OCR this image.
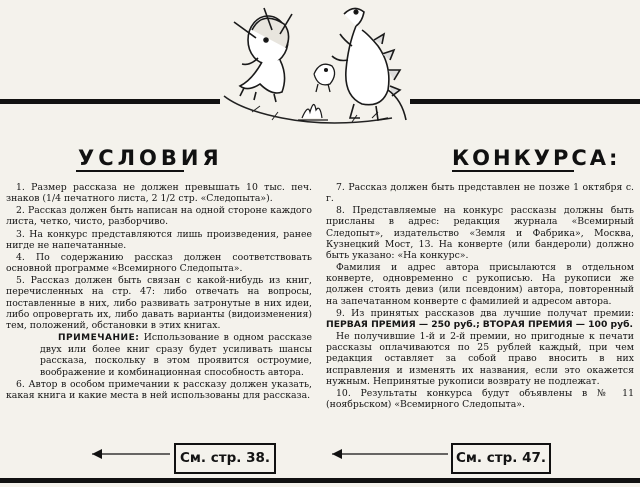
УСЛОВИЯ	КОНКУРСА:

1. Размер рассказа не должен превышать 10 тыс. печ. знаков (1/4 печатного листа, 2 1/2 стр. «Следопыта»).

2. Рассказ должен быть написан на одной стороне каждого листа, четко, чисто, разборчиво.

3. На конкурс представляются лишь произведения, ранее нигде не напечатанные.

4. По содержанию рассказ должен соответствовать основной программе «Всемирного Следопыта».

5. Рассказ должен быть связан с какой-нибудь из книг, перечисленных на стр. 47: либо отвечать на вопросы, поставленные в них, либо развивать затронутые в них идеи, либо опровергать их, либо давать варианты (видоизменения) тем, положений, обстановки в этих книгах.

ПРИМЕЧАНИЕ: Использование в одном рассказе двух или более книг сразу будет усиливать шансы рассказа, поскольку в этом проявится остроумие, воображение и комбинационная способность автора.

6. Автор в особом примечании к рассказу должен указать, какая книга и какие места в ней использованы для рассказа.

7. Рассказ должен быть представлен не позже 1 октября с. г.

8. Представляемые на конкурс рассказы должны быть присланы в адрес: редакция журнала «Всемирный Следопыт», издательство «Земля и Фабрика», Москва, Кузнецкий Мост, 13. На конверте (или бандероли) должно быть указано: «На конкурс».

Фамилия и адрес автора присылаются в отдельном конверте, одновременно с рукописью. На рукописи же должен стоять девиз (или псевдоним) автора, повторенный на запечатанном конверте с фамилией и адресом автора.

9. Из принятых рассказов два лучшие получат премии: ПЕРВАЯ ПРЕМИЯ — 250 руб.; ВТОРАЯ ПРЕМИЯ — 100 руб.

Не получившие 1-й и 2-й премии, но пригодные к печати рассказы оплачиваются по 25 рублей каждый, при чем редакция оставляет за собой право вносить в них исправления и изменять их названия, если это окажется нужным. Непринятые рукописи возврату не подлежат.

10. Результаты конкурса будут объявлены в № 11 (ноябрьском) «Всемирного Следопыта».

См. стр. 38.	См. стр. 47.
